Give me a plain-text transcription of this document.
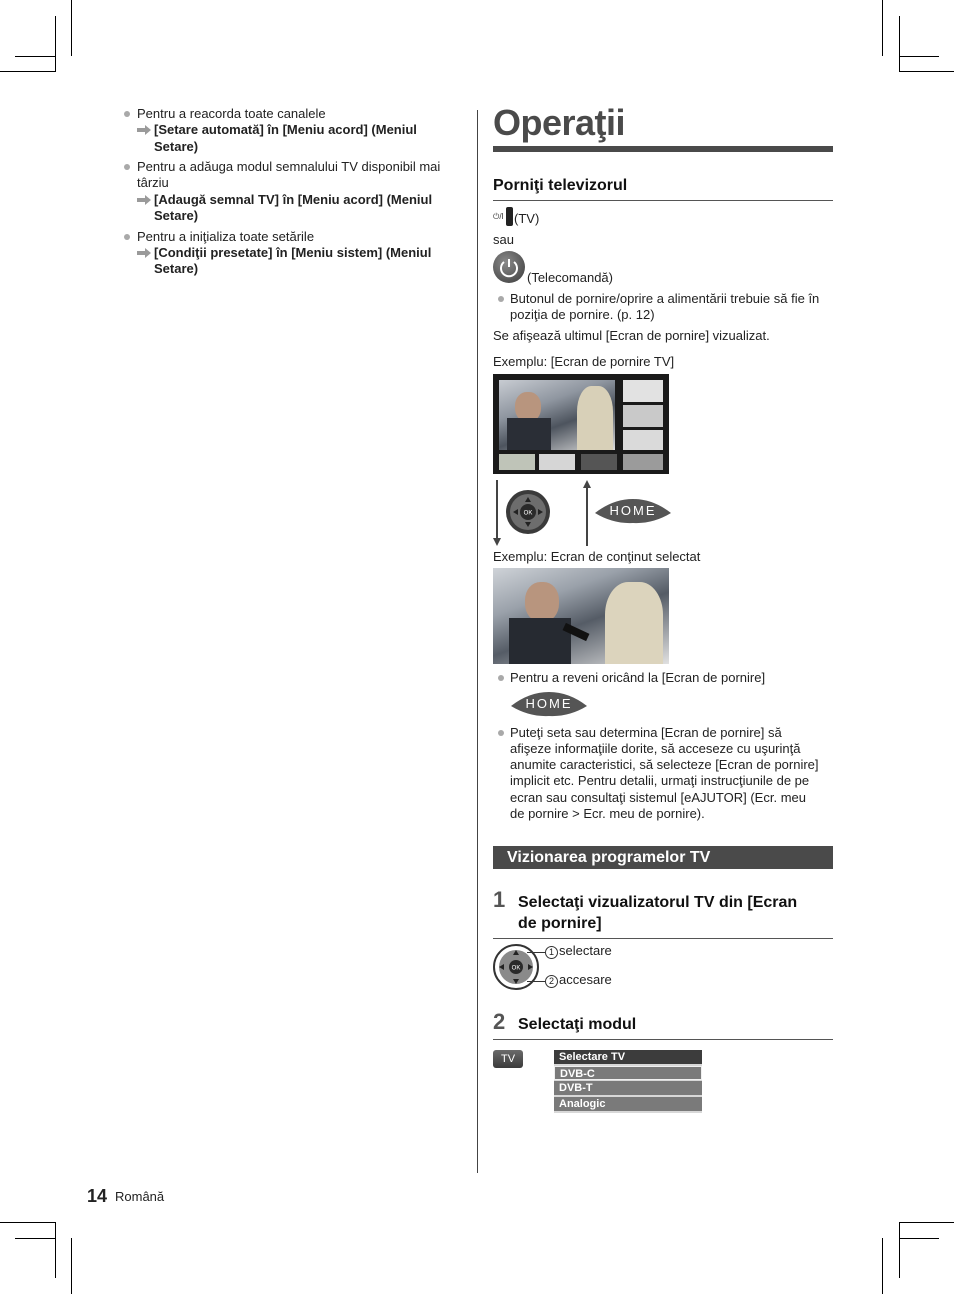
Pentru a reacorda toate canalele
[Setare automată] în [Meniu acord] (Meniul
Setare)
Pentru a adăuga modul semnalului TV disponibil mai
târziu
[Adaugă semnal TV] în [Meniu acord] (Meniul
Setare)
Pentru a iniţializa toate setările
[Condiţii presetate] în [Meniu sistem] (Meniul
Setare)
Operaţii
Porniţi televizorul
⏻/I (TV)
sau
(Telecomandă)
Butonul de pornire/oprire a alimentării trebuie să fie în
poziţia de pornire. (p. 12)
Se afişează ultimul [Ecran de pornire] vizualizat.
Exemplu: [Ecran de pornire TV]
OK	HOME
Exemplu: Ecran de conţinut selectat
Pentru a reveni oricând la [Ecran de pornire]
HOME
Puteţi seta sau determina [Ecran de pornire] să
afişeze informaţiile dorite, să acceseze cu uşurinţă
anumite caracteristici, să selecteze [Ecran de pornire]
implicit etc. Pentru detalii, urmaţi instrucţiunile de pe
ecran sau consultaţi sistemul [eAJUTOR] (Ecr. meu
de pornire > Ecr. meu de pornire).
Vizionarea programelor TV
1 Selectaţi vizualizatorul TV din [Ecran
de pornire]
OK
1 selectare
2 accesare
2 Selectaţi modul
TV	Selectare TV
DVB-C
DVB-T
Analogic
14 Română
